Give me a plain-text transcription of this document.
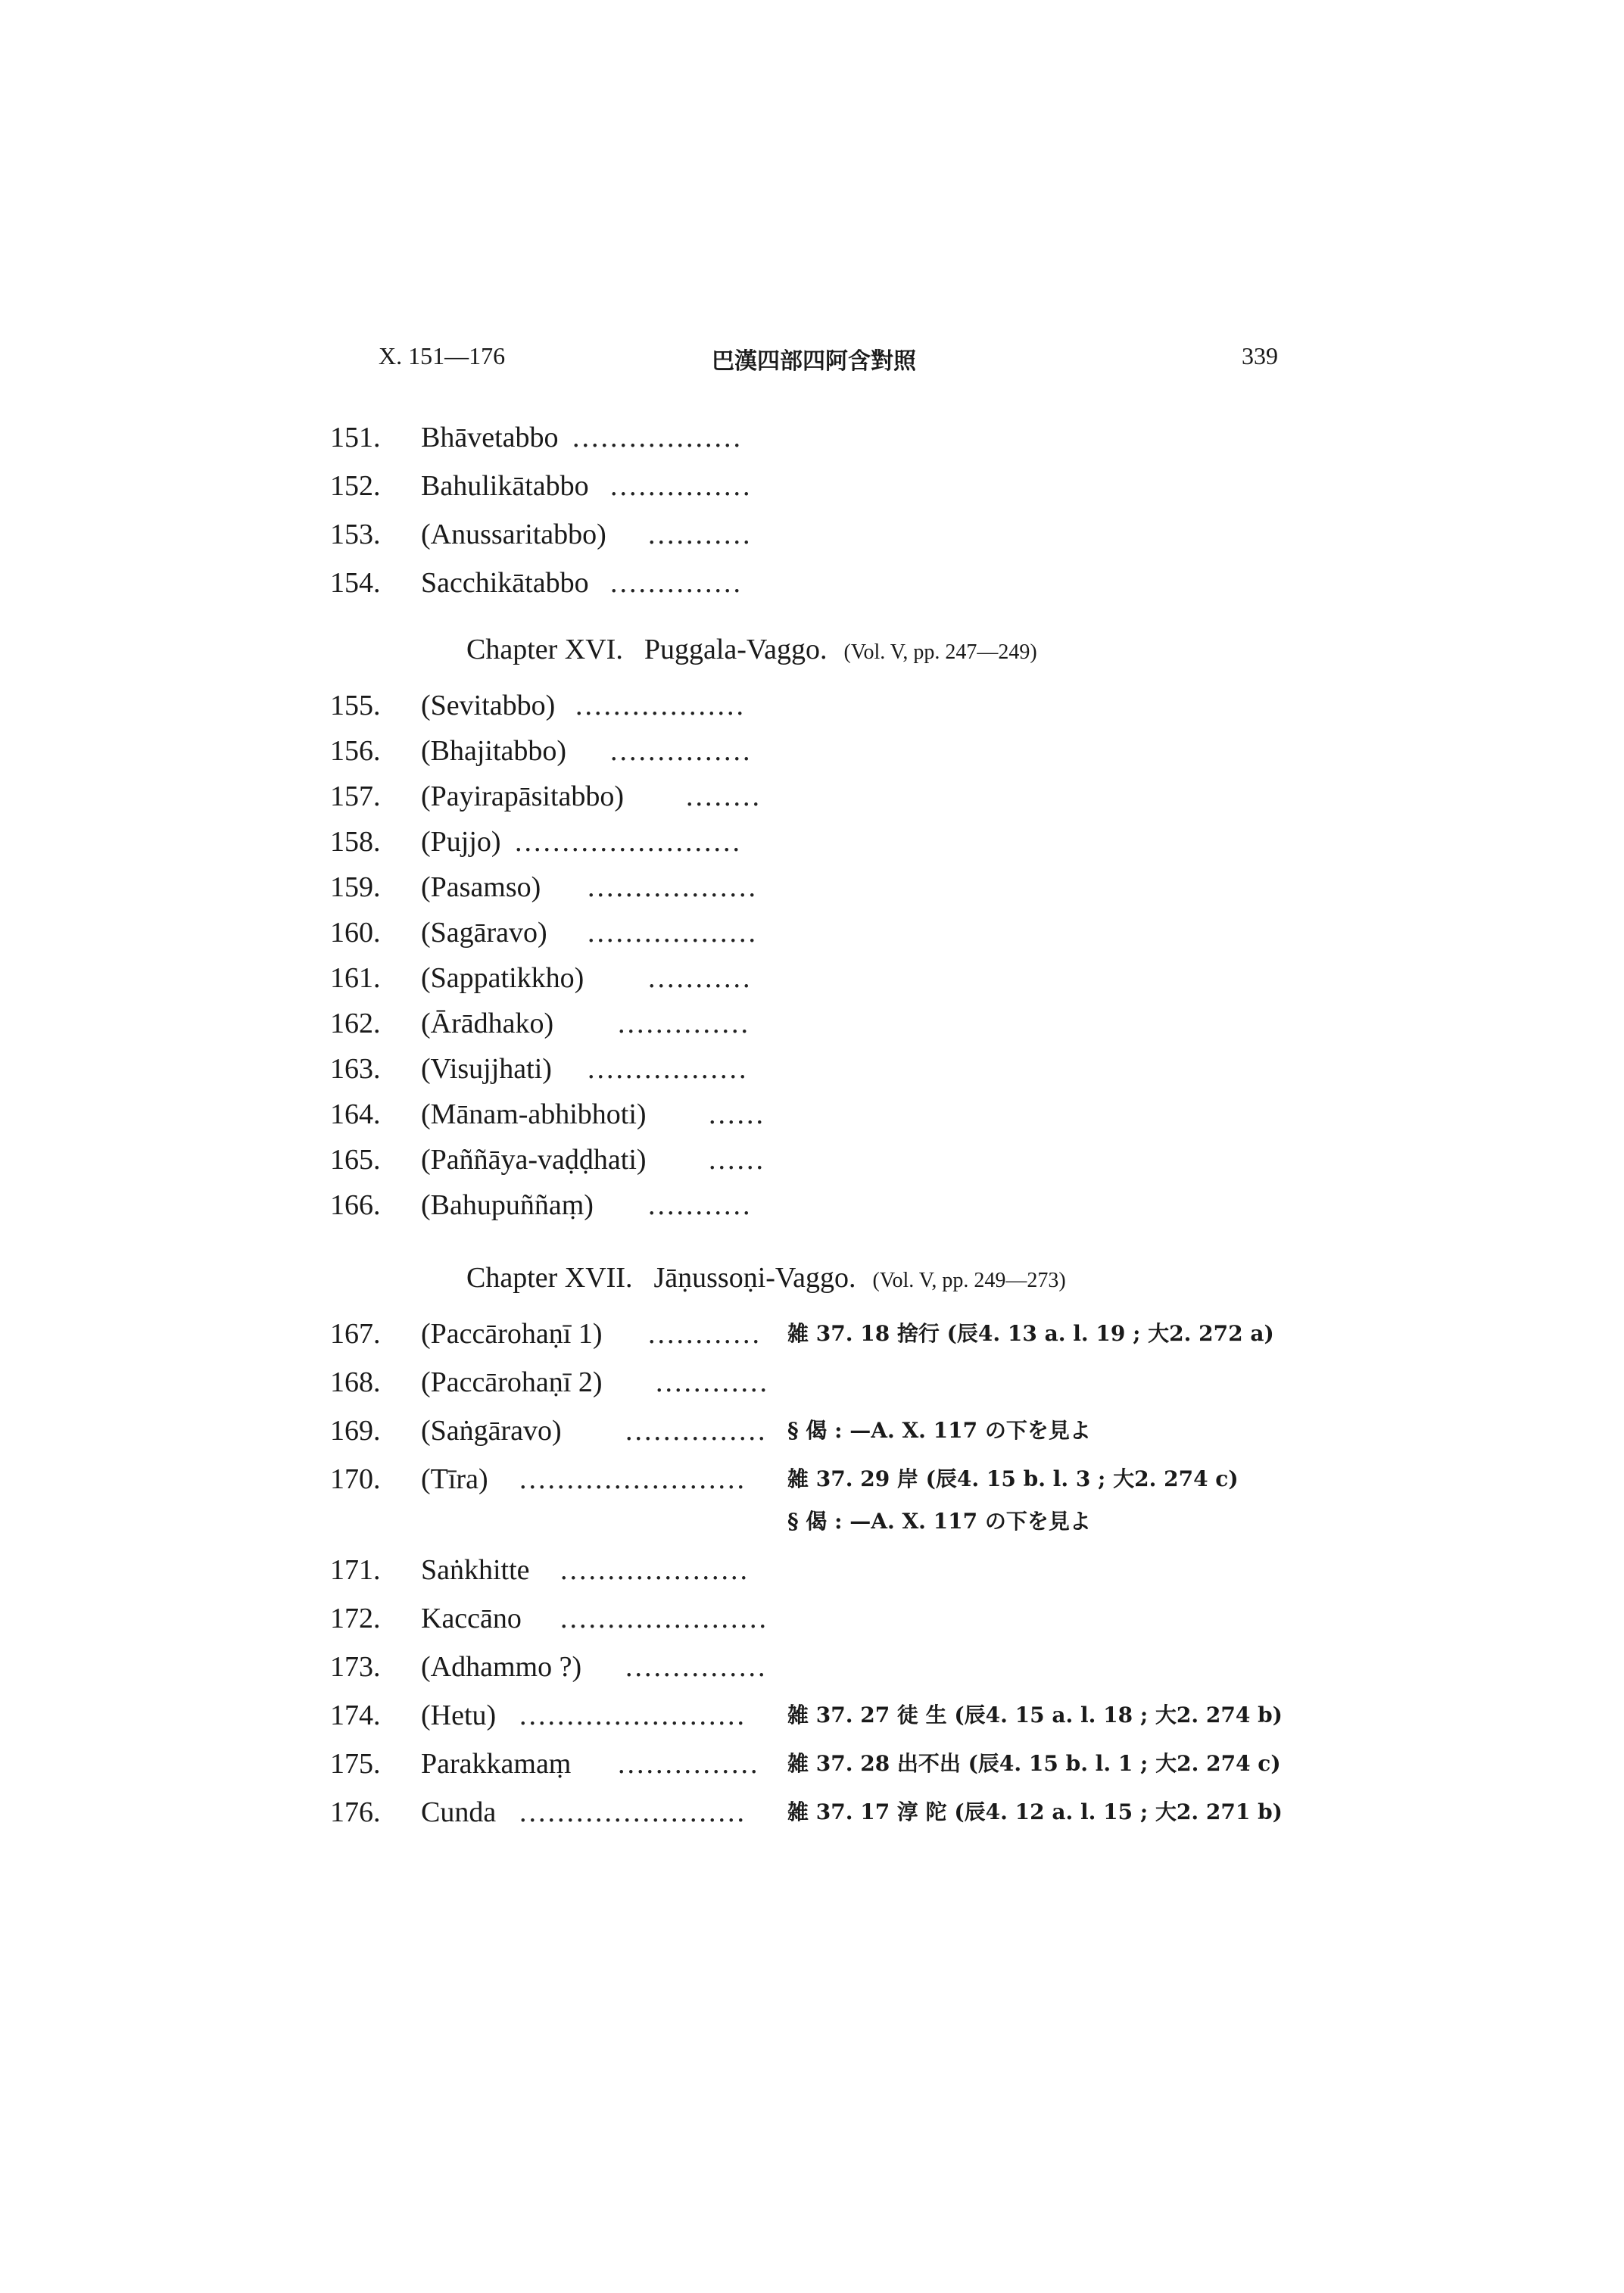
X. 151—176	巴漢四部四阿含對照	339
151.	Bhāvetabbo ..................
152.	Bahulikātabbo ...............
153.	(Anussaritabbo) ...........
154.	Sacchikātabbo ..............
Chapter XVI. Puggala-Vaggo. (Vol. V, pp. 247—249)
155.	(Sevitabbo) ..................
156.	(Bhajitabbo) ...............
157.	(Payirapāsitabbo) ........
158.	(Pujjo) ........................
159.	(Pasamso) ..................
160.	(Sagāravo) ..................
161.	(Sappatikkho) ...........
162.	(Ārādhako) ..............
163.	(Visujjhati) .................
164.	(Mānam-abhibhoti) ......
165.	(Paññāya-vaḍḍhati) ......
166.	(Bahupuññaṃ) ...........
Chapter XVII. Jāṇussoṇi-Vaggo. (Vol. V, pp. 249—273)
167.	(Paccārohaṇī 1) ............	雑 37. 18 捨行 (辰4. 13 a. l. 19 ; 大2. 272 a)
168.	(Paccārohaṇī 2) ............
169.	(Saṅgāravo) ............... § 偈 : —A. X. 117 の下を見よ
170.	(Tīra) ........................	雑 37. 29 岸 (辰4. 15 b. l. 3 ; 大2. 274 c)
§ 偈 : —A. X. 117 の下を見よ
171.	Saṅkhitte ....................
172.	Kaccāno ......................
173.	(Adhammo ?) ...............
174.	(Hetu) ........................	雑 37. 27 徒 生 (辰4. 15 a. l. 18 ; 大2. 274 b)
175.	Parakkamaṃ ...............	雑 37. 28 出不出 (辰4. 15 b. l. 1 ; 大2. 274 c)
176.	Cunda ........................	雑 37. 17 淳 陀 (辰4. 12 a. l. 15 ; 大2. 271 b)
